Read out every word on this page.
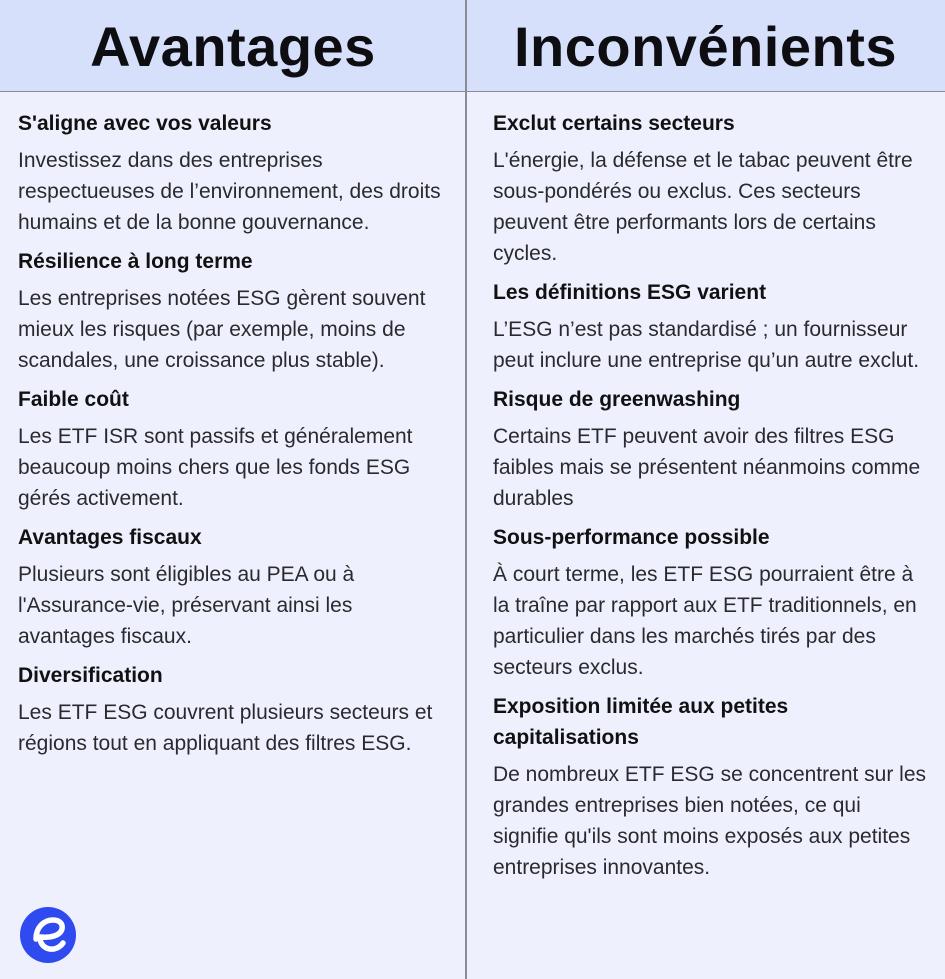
Avantages	Inconvénients
S'aligne avec vos valeurs
Investissez dans des entreprises respectueuses de l’environnement, des droits humains et de la bonne gouvernance.
Résilience à long terme
Les entreprises notées ESG gèrent souvent mieux les risques (par exemple, moins de scandales, une croissance plus stable).
Faible coût
Les ETF ISR sont passifs et généralement beaucoup moins chers que les fonds ESG gérés activement.
Avantages fiscaux
Plusieurs sont éligibles au PEA ou à l'Assurance-vie, préservant ainsi les avantages fiscaux.
Diversification
Les ETF ESG couvrent plusieurs secteurs et régions tout en appliquant des filtres ESG.
Exclut certains secteurs
L'énergie, la défense et le tabac peuvent être sous-pondérés ou exclus. Ces secteurs peuvent être performants lors de certains cycles.
Les définitions ESG varient
L’ESG n’est pas standardisé ; un fournisseur peut inclure une entreprise qu’un autre exclut.
Risque de greenwashing
Certains ETF peuvent avoir des filtres ESG faibles mais se présentent néanmoins comme durables
Sous-performance possible
À court terme, les ETF ESG pourraient être à la traîne par rapport aux ETF traditionnels, en particulier dans les marchés tirés par des secteurs exclus.
Exposition limitée aux petites capitalisations
De nombreux ETF ESG se concentrent sur les grandes entreprises bien notées, ce qui signifie qu'ils sont moins exposés aux petites entreprises innovantes.
